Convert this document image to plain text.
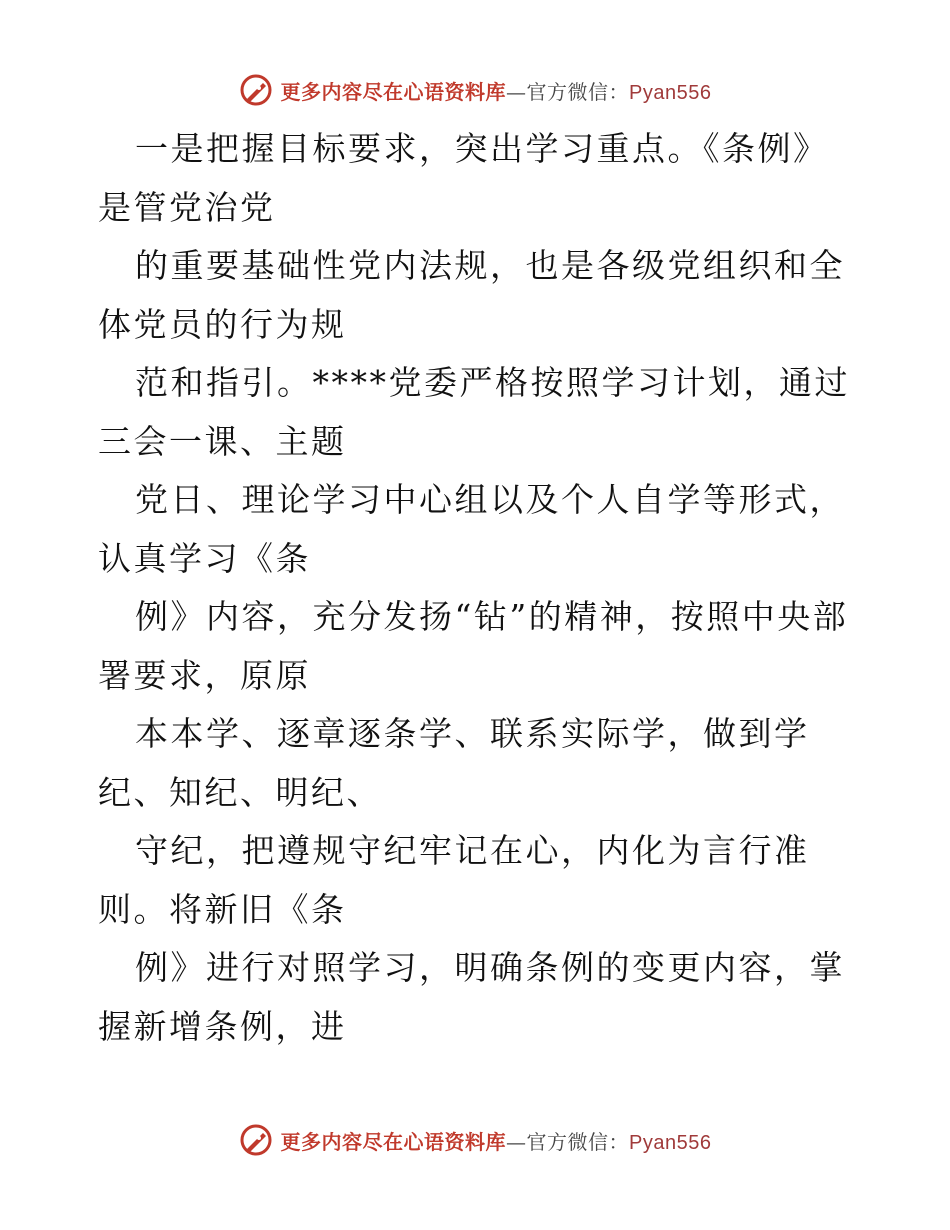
更多内容尽在心语资料库 — 官方微信： Pyan556

一是把握目标要求，突出学习重点。《条例》是管党治党

的重要基础性党内法规，也是各级党组织和全体党员的行为规

范和指引。****党委严格按照学习计划，通过三会一课、主题

党日、理论学习中心组以及个人自学等形式，认真学习《条

例》内容，充分发扬“钻”的精神，按照中央部署要求，原原

本本学、逐章逐条学、联系实际学，做到学纪、知纪、明纪、

守纪，把遵规守纪牢记在心，内化为言行准则。将新旧《条

例》进行对照学习，明确条例的变更内容，掌握新增条例，进

更多内容尽在心语资料库 — 官方微信： Pyan556
